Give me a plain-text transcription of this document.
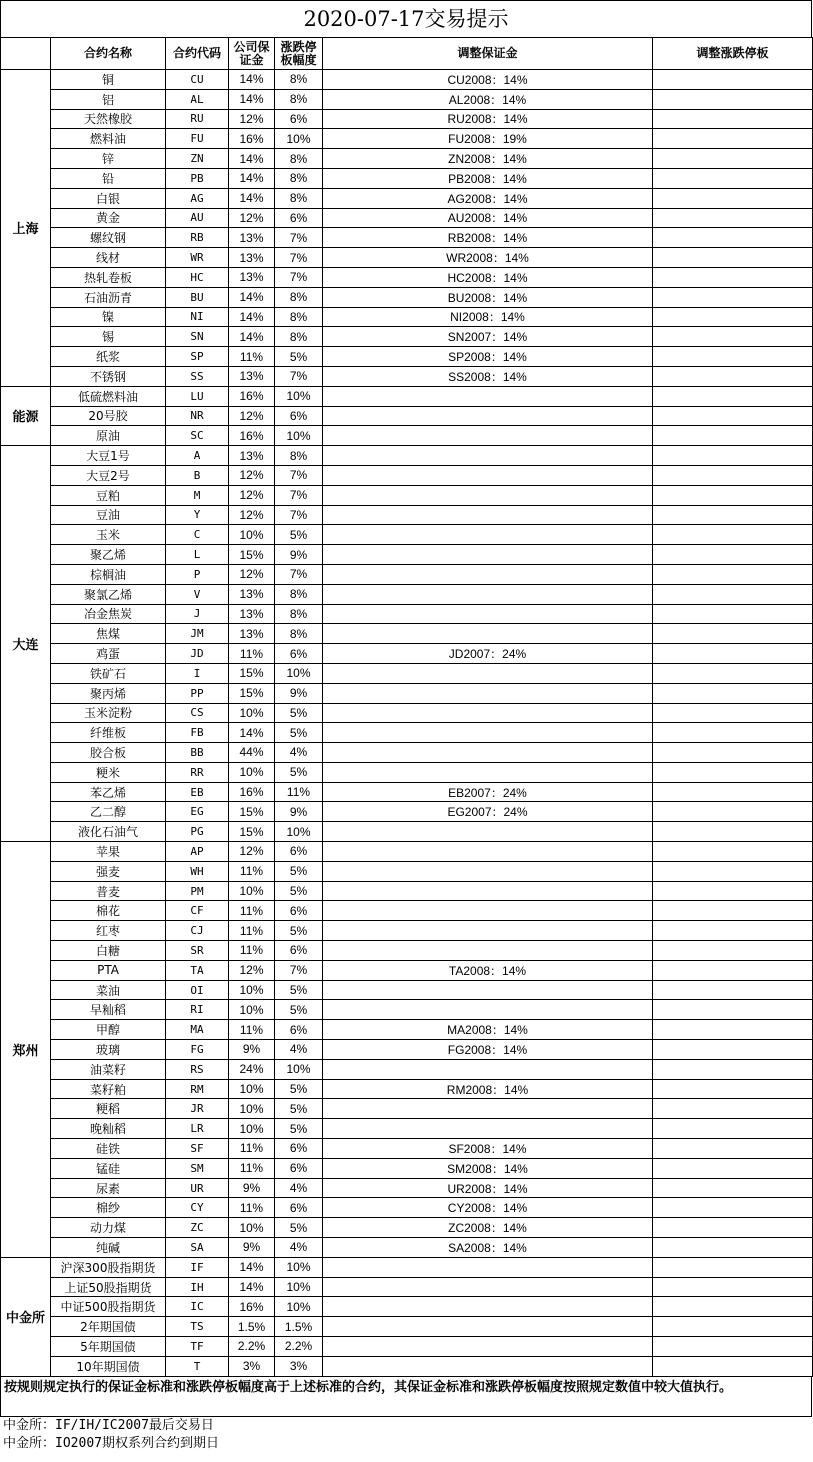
2020-07-17交易提示
	合约名称	合约代码	公司保证金	涨跌停板幅度	调整保证金	调整涨跌停板
上海	铜	CU	14%	8%	CU2008：14%	
	铝	AL	14%	8%	AL2008：14%	
	天然橡胶	RU	12%	6%	RU2008：14%	
	燃料油	FU	16%	10%	FU2008：19%	
	锌	ZN	14%	8%	ZN2008：14%	
	铅	PB	14%	8%	PB2008：14%	
	白银	AG	14%	8%	AG2008：14%	
	黄金	AU	12%	6%	AU2008：14%	
	螺纹钢	RB	13%	7%	RB2008：14%	
	线材	WR	13%	7%	WR2008：14%	
	热轧卷板	HC	13%	7%	HC2008：14%	
	石油沥青	BU	14%	8%	BU2008：14%	
	镍	NI	14%	8%	NI2008：14%	
	锡	SN	14%	8%	SN2007：14%	
	纸浆	SP	11%	5%	SP2008：14%	
	不锈钢	SS	13%	7%	SS2008：14%	
能源	低硫燃料油	LU	16%	10%		
	20号胶	NR	12%	6%		
	原油	SC	16%	10%		
大连	大豆1号	A	13%	8%		
	大豆2号	B	12%	7%		
	豆粕	M	12%	7%		
	豆油	Y	12%	7%		
	玉米	C	10%	5%		
	聚乙烯	L	15%	9%		
	棕榈油	P	12%	7%		
	聚氯乙烯	V	13%	8%		
	冶金焦炭	J	13%	8%		
	焦煤	JM	13%	8%		
	鸡蛋	JD	11%	6%	JD2007：24%	
	铁矿石	I	15%	10%		
	聚丙烯	PP	15%	9%		
	玉米淀粉	CS	10%	5%		
	纤维板	FB	14%	5%		
	胶合板	BB	44%	4%		
	粳米	RR	10%	5%		
	苯乙烯	EB	16%	11%	EB2007：24%	
	乙二醇	EG	15%	9%	EG2007：24%	
	液化石油气	PG	15%	10%		
郑州	苹果	AP	12%	6%		
	强麦	WH	11%	5%		
	普麦	PM	10%	5%		
	棉花	CF	11%	6%		
	红枣	CJ	11%	5%		
	白糖	SR	11%	6%		
	PTA	TA	12%	7%	TA2008：14%	
	菜油	OI	10%	5%		
	早籼稻	RI	10%	5%		
	甲醇	MA	11%	6%	MA2008：14%	
	玻璃	FG	9%	4%	FG2008：14%	
	油菜籽	RS	24%	10%		
	菜籽粕	RM	10%	5%	RM2008：14%	
	粳稻	JR	10%	5%		
	晚籼稻	LR	10%	5%		
	硅铁	SF	11%	6%	SF2008：14%	
	锰硅	SM	11%	6%	SM2008：14%	
	尿素	UR	9%	4%	UR2008：14%	
	棉纱	CY	11%	6%	CY2008：14%	
	动力煤	ZC	10%	5%	ZC2008：14%	
	纯碱	SA	9%	4%	SA2008：14%	
中金所	沪深300股指期货	IF	14%	10%		
	上证50股指期货	IH	14%	10%		
	中证500股指期货	IC	16%	10%		
	2年期国债	TS	1.5%	1.5%		
	5年期国债	TF	2.2%	2.2%		
	10年期国债	T	3%	3%		
按规则规定执行的保证金标准和涨跌停板幅度高于上述标准的合约，其保证金标准和涨跌停板幅度按照规定数值中较大值执行。
中金所：IF/IH/IC2007最后交易日
中金所：IO2007期权系列合约到期日
